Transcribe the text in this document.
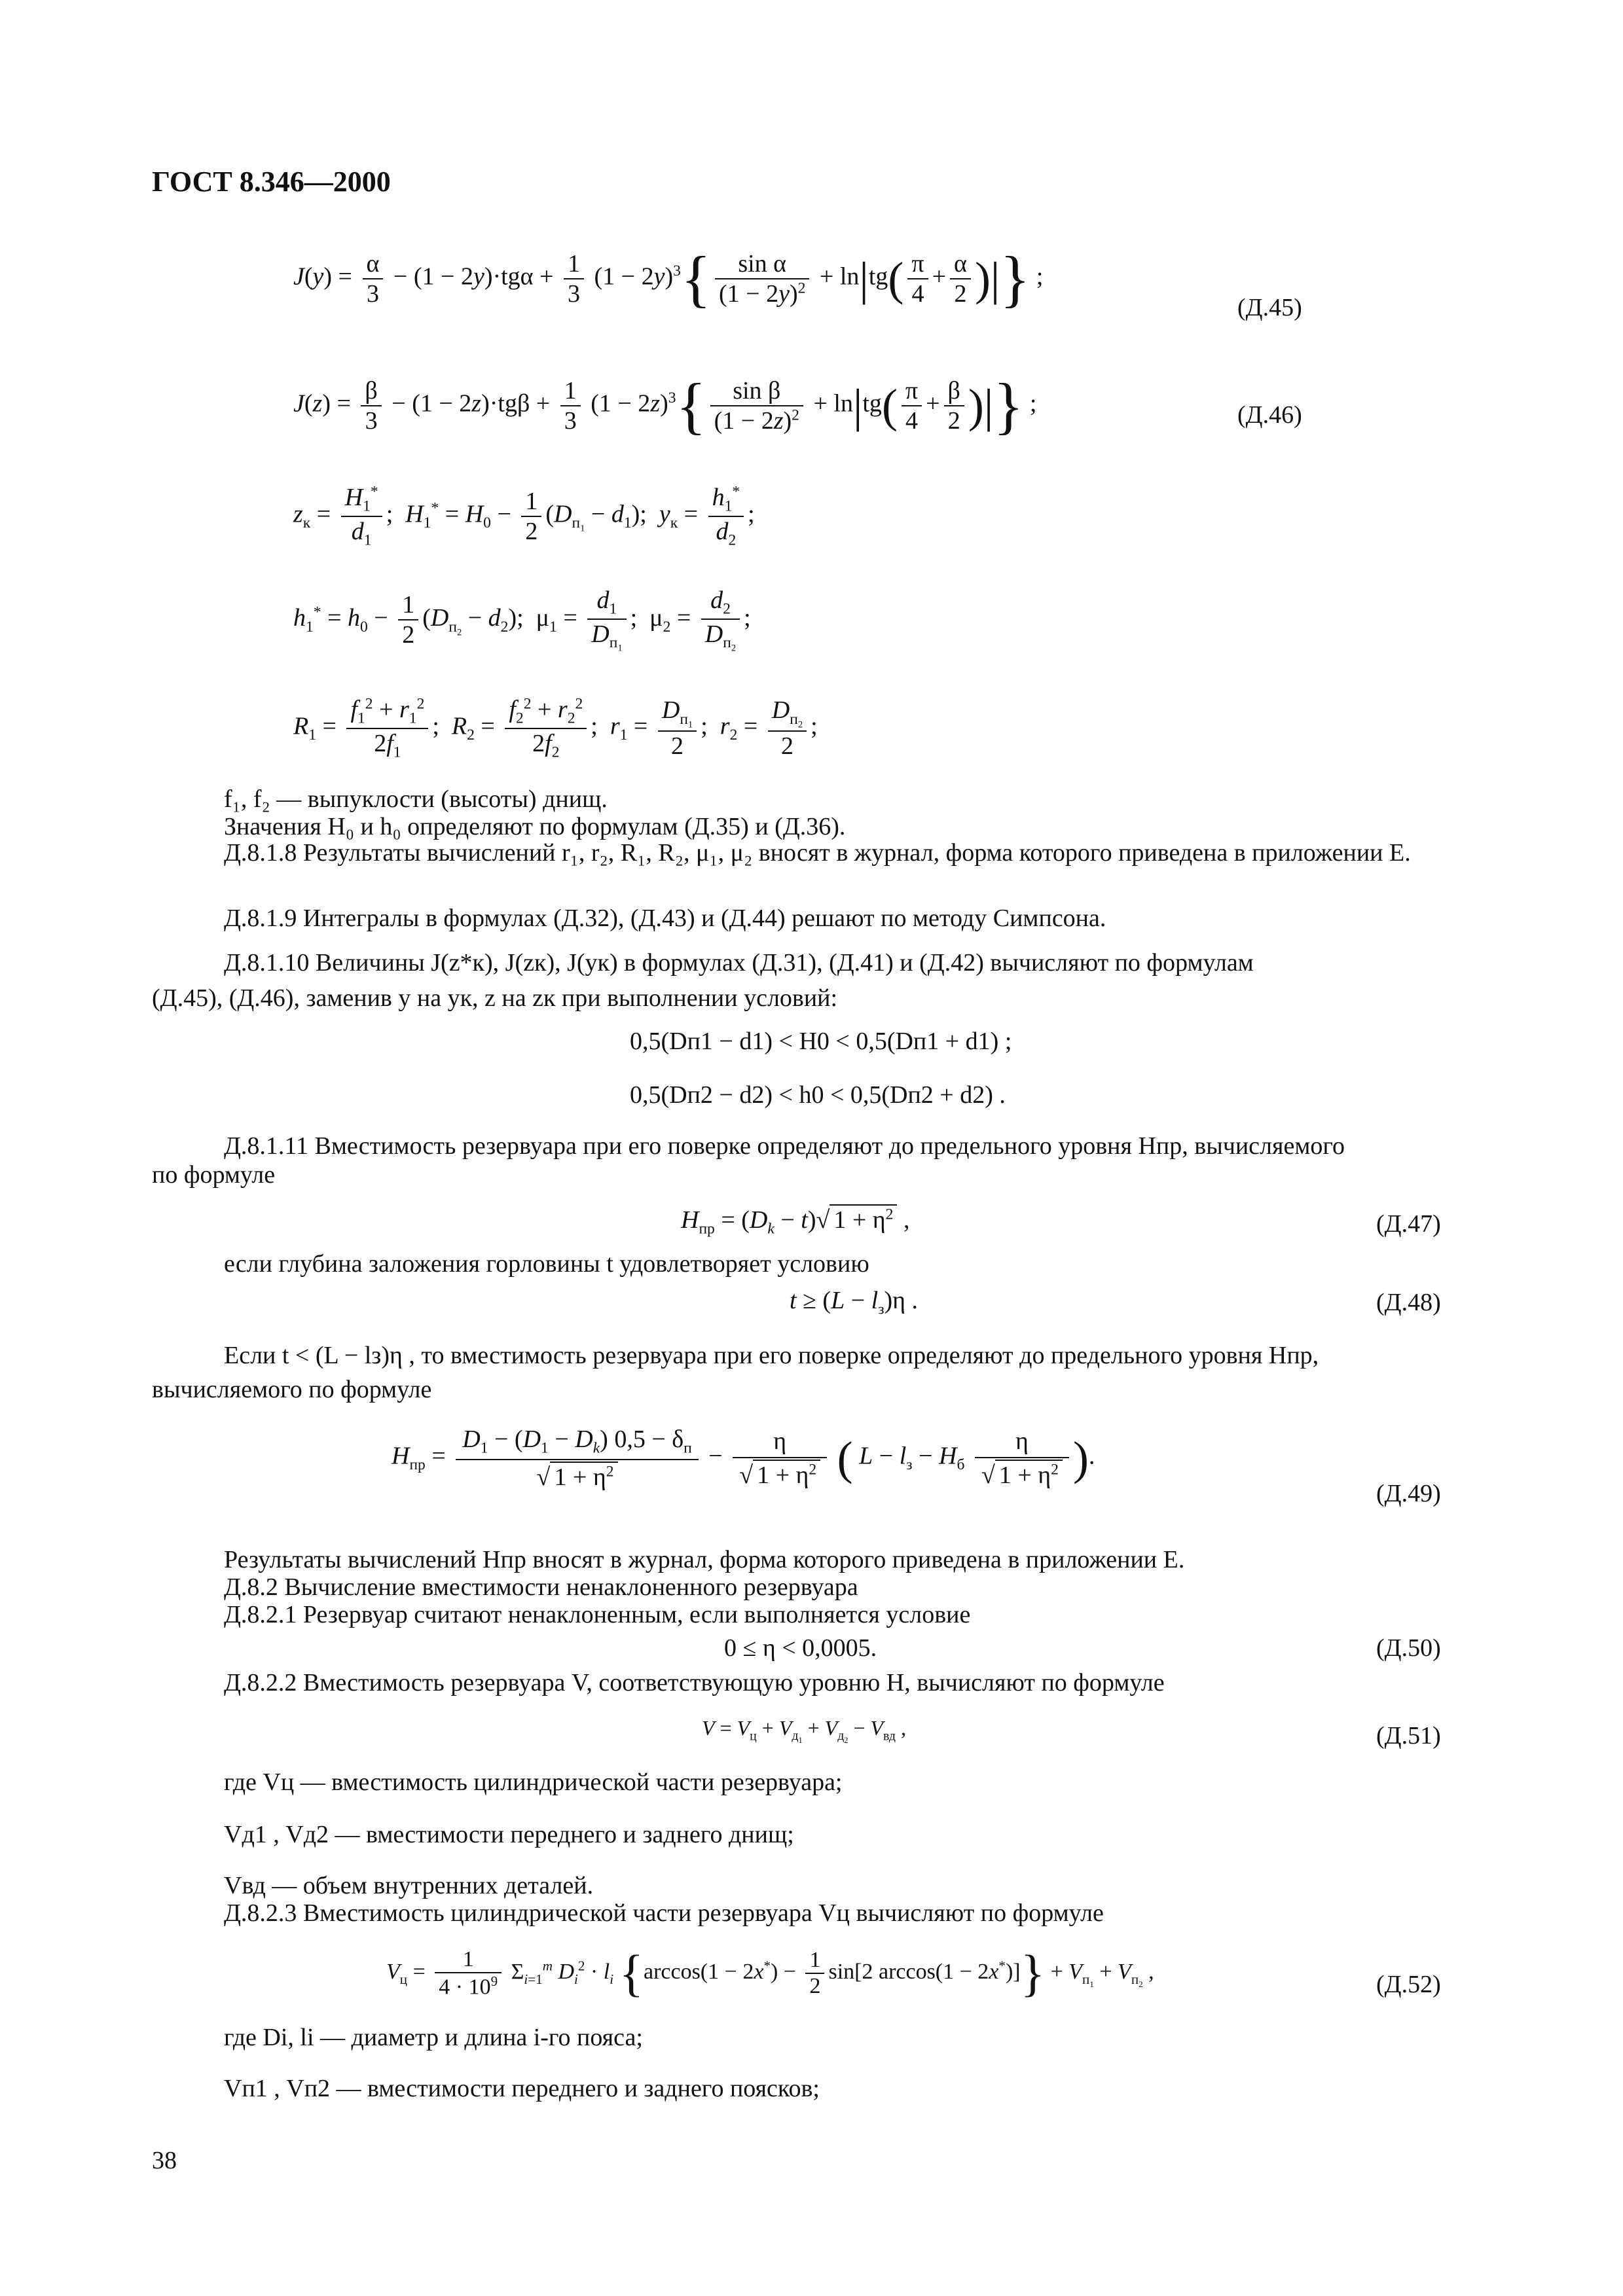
ГОСТ 8.346—2000
$J(y) = \frac{\alpha}{3} - (1 - 2y)\cdot tg\alpha + \frac{1}{3} (1 - 2y)^3\{ \frac{\text{sin α}}{(1 - 2y)^2} + \ln|tg( \frac{\pi}{4} + \frac{\alpha}{2}$ )|} ;
(Д.45)
$J(z) = \frac{\beta}{3} - (1 - 2z)\cdot tg\beta + \frac{1}{3} (1 - 2z)^3\{ \frac{\text{sin β}}{(1 - 2z)^2} + \ln|tg( \frac{\pi}{4} + \frac{\beta}{2}$ )|} ;	(Д.46)
$z_к = \frac{H_1^*}{d_1}$ ;  $H_1^* = H_0 - \frac{1}{2} (D_{п_1} - d_1)$;  $y_к = \frac{h_1^*}{d_2}$ ;
$h_1^* = h_0 - \frac{1}{2} (D_{п_2} - d_2)$;  $\mu_1 = \frac{d_1}{D_{п_1}}$ ;  $\mu_2 = \frac{d_2}{D_{п_2}}$ ;
$R_1 = \frac{f_1^2 + r_1^2}{2f_1}$ ;  $R_2 = \frac{f_2^2 + r_2^2}{2f_2}$ ;  $r_1 = \frac{D_{п_1}}{2}$ ;  $r_2 = \frac{D_{п_2}}{2}$ ;
f₁, f₂ — выпуклости (высоты) днищ.
Значения H₀ и h₀ определяют по формулам (Д.35) и (Д.36).
Д.8.1.8 Результаты вычислений r₁, r₂, R₁, R₂, μ₁, μ₂ вносят в журнал, форма которого приведена в приложении Е.
Д.8.1.9 Интегралы в формулах (Д.32), (Д.43) и (Д.44) решают по методу Симпсона.
Д.8.1.10 Величины J(z*к), J(zк), J(yк) в формулах (Д.31), (Д.41) и (Д.42) вычисляют по формулам
(Д.45), (Д.46), заменив y на yк, z на zк при выполнении условий:
0,5(Dп1 − d1) < H0 < 0,5(Dп1 + d1) ;
0,5(Dп2 − d2) < h0 < 0,5(Dп2 + d2) .
Д.8.1.11 Вместимость резервуара при его поверке определяют до предельного уровня Hпр, вычисляемого
по формуле
$H_{пр} = (D_k - t)√$ $1 + \eta^2$ ,	(Д.47)
если глубина заложения горловины t удовлетворяет условию
$t \ge (L - l_з)\eta$ .	(Д.48)
Если t < (L − lз)η , то вместимость резервуара при его поверке определяют до предельного уровня Hпр,
вычисляемого по формуле
$H_{пр} = \frac{D_1 - (D_1 - D_k) 0,5 - \delta_п}{√ 1 + \eta^2} - \frac{\eta}{√ 1 + \eta^2}$ ( $L - l_з - H_б \frac{\eta}{√ 1 + \eta^2}$ ).
(Д.49)
Результаты вычислений Hпр вносят в журнал, форма которого приведена в приложении Е.
Д.8.2 Вычисление вместимости ненаклоненного резервуара
Д.8.2.1 Резервуар считают ненаклоненным, если выполняется условие
0 ≤ η < 0,0005.	(Д.50)
Д.8.2.2 Вместимость резервуара V, соответствующую уровню H, вычисляют по формуле
$V = V_ц + V_{д_1} + V_{д_2} - V_{вд}$ ,	(Д.51)
где Vц — вместимость цилиндрической части резервуара;
Vд1 , Vд2 — вместимости переднего и заднего днищ;
Vвд — объем внутренних деталей.
Д.8.2.3 Вместимость цилиндрической части резервуара Vц вычисляют по формуле
$V_ц = \frac{1}{4 \cdot 10^9} \Sigma_{i=1}^m$ $D_i^2 \cdot l_i$ {$\arccos(1 - 2x^*) - \frac{1}{2} \sin[2$ $\arccos(1 - 2x^*)]\} + V_{п_1} + V_{п_2}$ ,	(Д.52)
где Di, li — диаметр и длина i-го пояса;
Vп1 , Vп2 — вместимости переднего и заднего поясков;
38
